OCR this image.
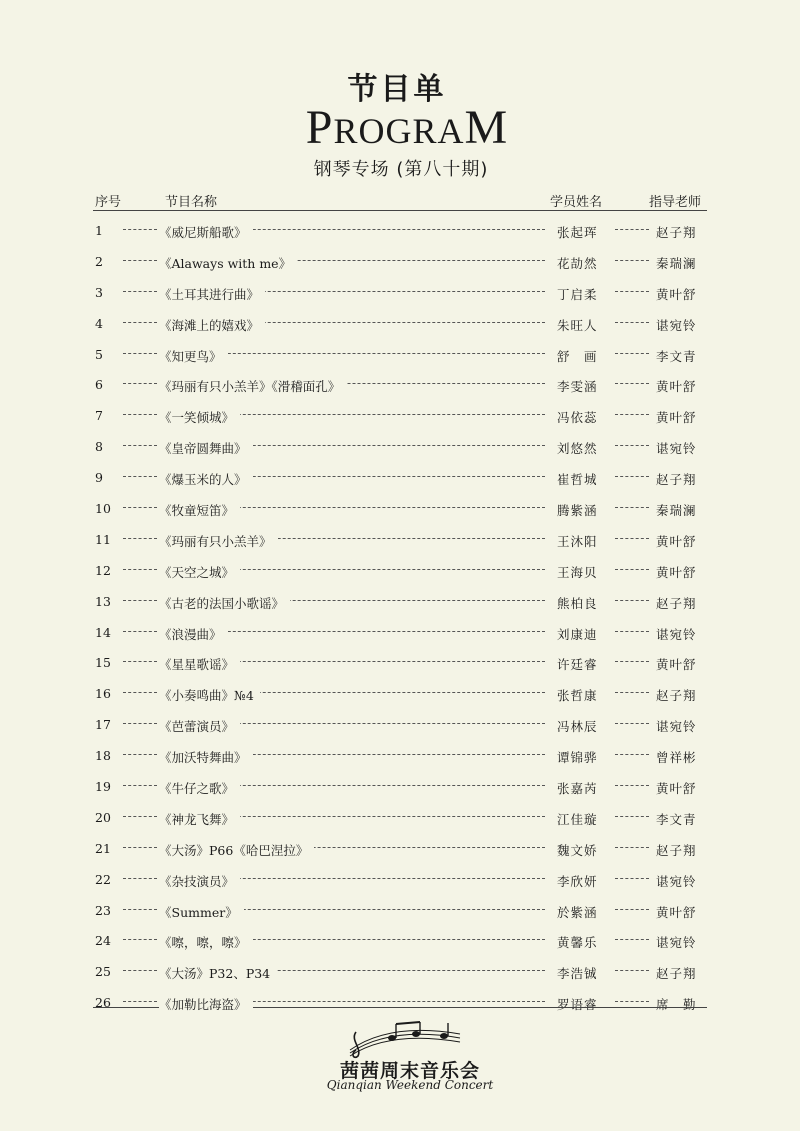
节目单
PROGRAM
钢琴专场 (第八十期)
序号	节目名称	学员姓名	指导老师
1	《威尼斯船歌》	张起珲	赵子翔
2	《Alaways with me》	花劼然	秦瑞澜
3	《土耳其进行曲》	丁启柔	黄叶舒
4	《海滩上的嬉戏》	朱旺人	谌宛铃
5	《知更鸟》	舒　画	李文青
6	《玛丽有只小羔羊》《滑稽面孔》	李雯涵	黄叶舒
7	《一笑倾城》	冯依蕊	黄叶舒
8	《皇帝圆舞曲》	刘悠然	谌宛铃
9	《爆玉米的人》	崔哲城	赵子翔
10	《牧童短笛》	腾紫涵	秦瑞澜
11	《玛丽有只小羔羊》	王沐阳	黄叶舒
12	《天空之城》	王海贝	黄叶舒
13	《古老的法国小歌谣》	熊柏良	赵子翔
14	《浪漫曲》	刘康迪	谌宛铃
15	《星星歌谣》	许廷睿	黄叶舒
16	《小奏鸣曲》№4	张哲康	赵子翔
17	《芭蕾演员》	冯林辰	谌宛铃
18	《加沃特舞曲》	谭锦骅	曾祥彬
19	《牛仔之歌》	张嘉芮	黄叶舒
20	《神龙飞舞》	江佳璇	李文青
21	《大汤》P66《哈巴涅拉》	魏文娇	赵子翔
22	《杂技演员》	李欣妍	谌宛铃
23	《Summer》	於紫涵	黄叶舒
24	《嚓，嚓，嚓》	黄馨乐	谌宛铃
25	《大汤》P32、P34	李浩铖	赵子翔
26	《加勒比海盗》	罗语睿	席　勤
茜茜周末音乐会
Qianqian Weekend Concert
